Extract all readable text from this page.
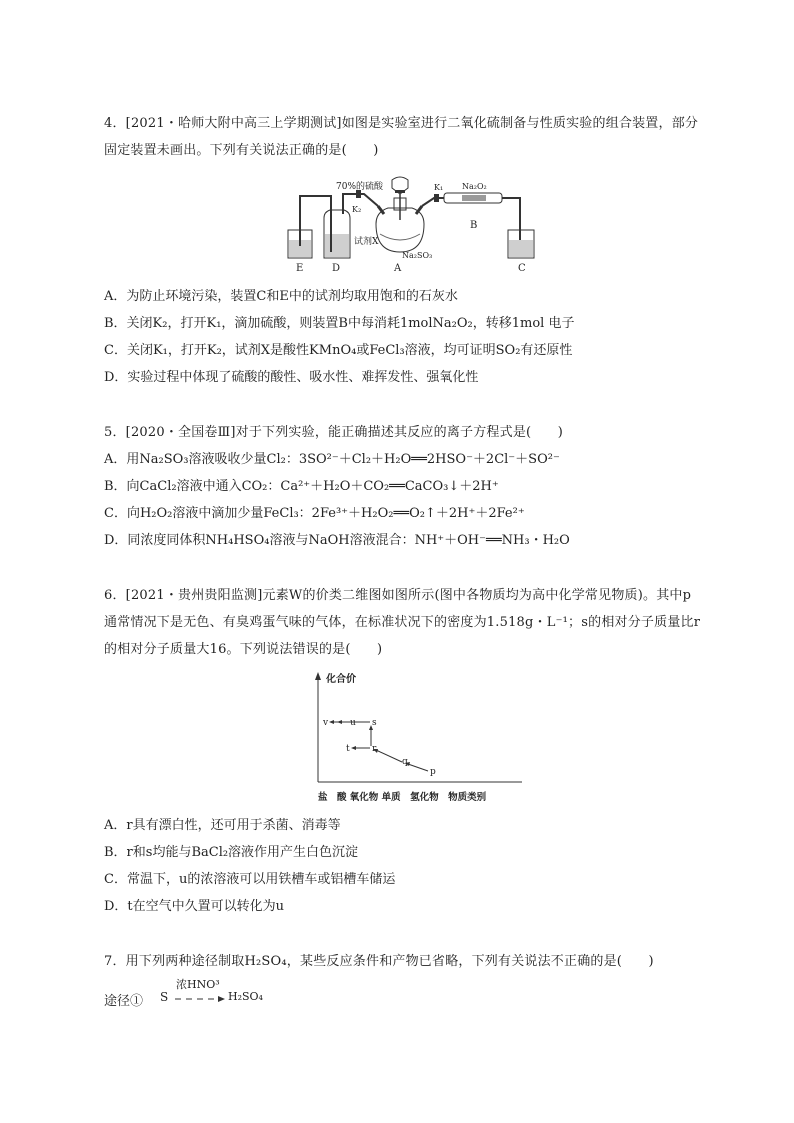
4．[2021・哈师大附中高三上学期测试]如图是实验室进行二氧化硫制备与性质实验的组合装置，部分
固定装置未画出。下列有关说法正确的是(　　)
70%的硫酸
K₂
K₁ Na₂O₂
试剂X
Na₂SO₃
E	D	A
B
C
A．为防止环境污染，装置C和E中的试剂均取用饱和的石灰水
B．关闭K₂，打开K₁，滴加硫酸，则装置B中每消耗1molNa₂O₂，转移1mol 电子
C．关闭K₁，打开K₂，试剂X是酸性KMnO₄或FeCl₃溶液，均可证明SO₂有还原性
D．实验过程中体现了硫酸的酸性、吸水性、难挥发性、强氧化性
5．[2020・全国卷Ⅲ]对于下列实验，能正确描述其反应的离子方程式是(　　)
A．用Na₂SO₃溶液吸收少量Cl₂：3SO²⁻＋Cl₂＋H₂O══2HSO⁻＋2Cl⁻＋SO²⁻
B．向CaCl₂溶液中通入CO₂：Ca²⁺＋H₂O＋CO₂══CaCO₃↓＋2H⁺
C．向H₂O₂溶液中滴加少量FeCl₃：2Fe³⁺＋H₂O₂══O₂↑＋2H⁺＋2Fe²⁺
D．同浓度同体积NH₄HSO₄溶液与NaOH溶液混合：NH⁺＋OH⁻══NH₃・H₂O
6．[2021・贵州贵阳监测]元素W的价类二维图如图所示(图中各物质均为高中化学常见物质)。其中p
通常情况下是无色、有臭鸡蛋气味的气体，在标准状况下的密度为1.518g・L⁻¹；s的相对分子质量比r
的相对分子质量大16。下列说法错误的是(　　)
化合价
盐　酸 氧化物 单质　氢化物　物质类别
v u s
t r
q
p
A．r具有漂白性，还可用于杀菌、消毒等
B．r和s均能与BaCl₂溶液作用产生白色沉淀
C．常温下，u的浓溶液可以用铁槽车或铝槽车储运
D．t在空气中久置可以转化为u
7．用下列两种途径制取H₂SO₄，某些反应条件和产物已省略，下列有关说法不正确的是(　　)
途径① S
浓HNO³
H₂SO₄
